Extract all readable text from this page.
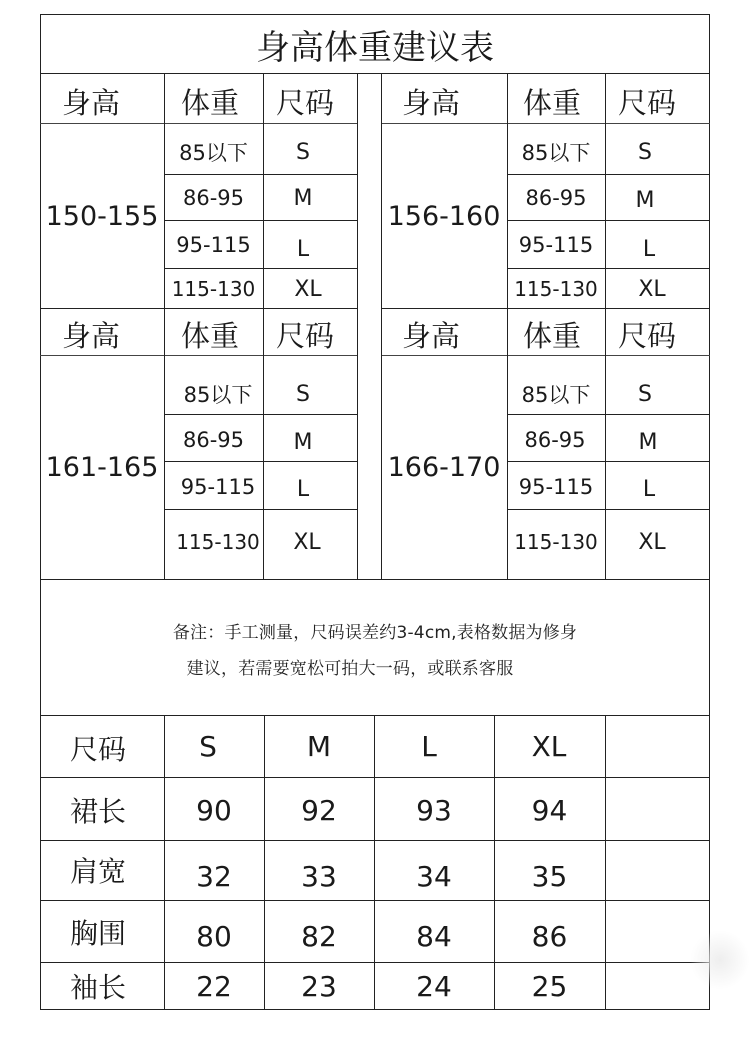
身高体重建议表
身高	体重	尺码	身高	体重	尺码
150-155
85以下	S
86-95	M
95-115	L
115-130	XL
156-160
85以下	S
86-95	M
95-115	L
115-130	XL
身高	体重	尺码	身高	体重	尺码
161-165
85以下	S
86-95	M
95-115	L
115-130	XL
166-170
85以下	S
86-95	M
95-115	L
115-130	XL
备注：手工测量，尺码误差约3-4cm,表格数据为修身
建议，若需要宽松可拍大一码，或联系客服
尺码	S	M	L	XL
裙长	90	92	93	94
肩宽	32	33	34	35
胸围	80	82	84	86
袖长	22	23	24	25
